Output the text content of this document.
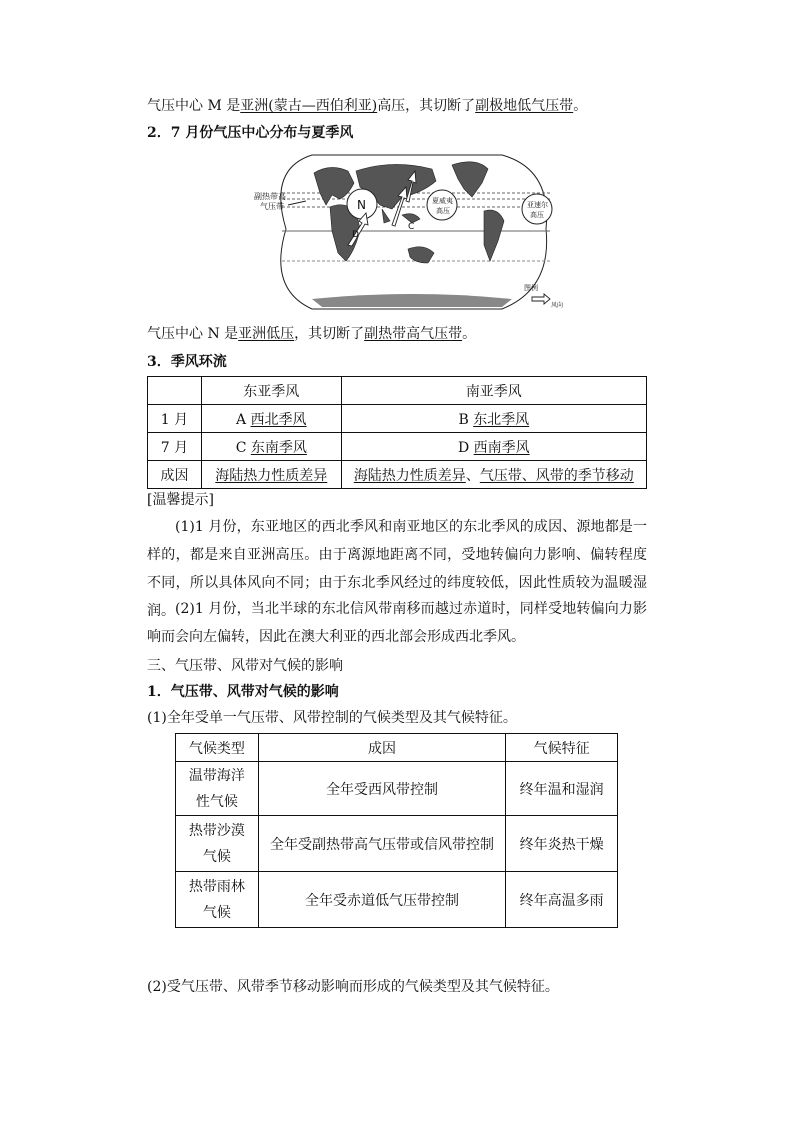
气压中心 M 是亚洲(蒙古—西伯利亚)高压，其切断了副极地低气压带。
2．7 月份气压中心分布与夏季风
副热带高
气压带	N
D
C
夏威夷
高压
亚速尔
高压
图例
风向
气压中心 N 是亚洲低压，其切断了副热带高气压带。
3．季风环流
	东亚季风	南亚季风
1 月	A 西北季风	B 东北季风
7 月	C 东南季风	D 西南季风
成因	海陆热力性质差异	海陆热力性质差异、气压带、风带的季节移动
[温馨提示]
(1)1 月份，东亚地区的西北季风和南亚地区的东北季风的成因、源地都是一样的，都是来自亚洲高压。由于离源地距离不同，受地转偏向力影响、偏转程度不同，所以具体风向不同；由于东北季风经过的纬度较低，因此性质较为温暖湿润。 (2)1 月份，当北半球的东北信风带南移而越过赤道时，同样受地转偏向力影响而会向左偏转，因此在澳大利亚的西北部会形成西北季风。
三、气压带、风带对气候的影响
1．气压带、风带对气候的影响
(1)全年受单一气压带、风带控制的气候类型及其气候特征。
气候类型	成因	气候特征
温带海洋
性气候	全年受西风带控制	终年温和湿润
热带沙漠
气候	全年受副热带高气压带或信风带控制	终年炎热干燥
热带雨林
气候	全年受赤道低气压带控制	终年高温多雨
(2)受气压带、风带季节移动影响而形成的气候类型及其气候特征。
